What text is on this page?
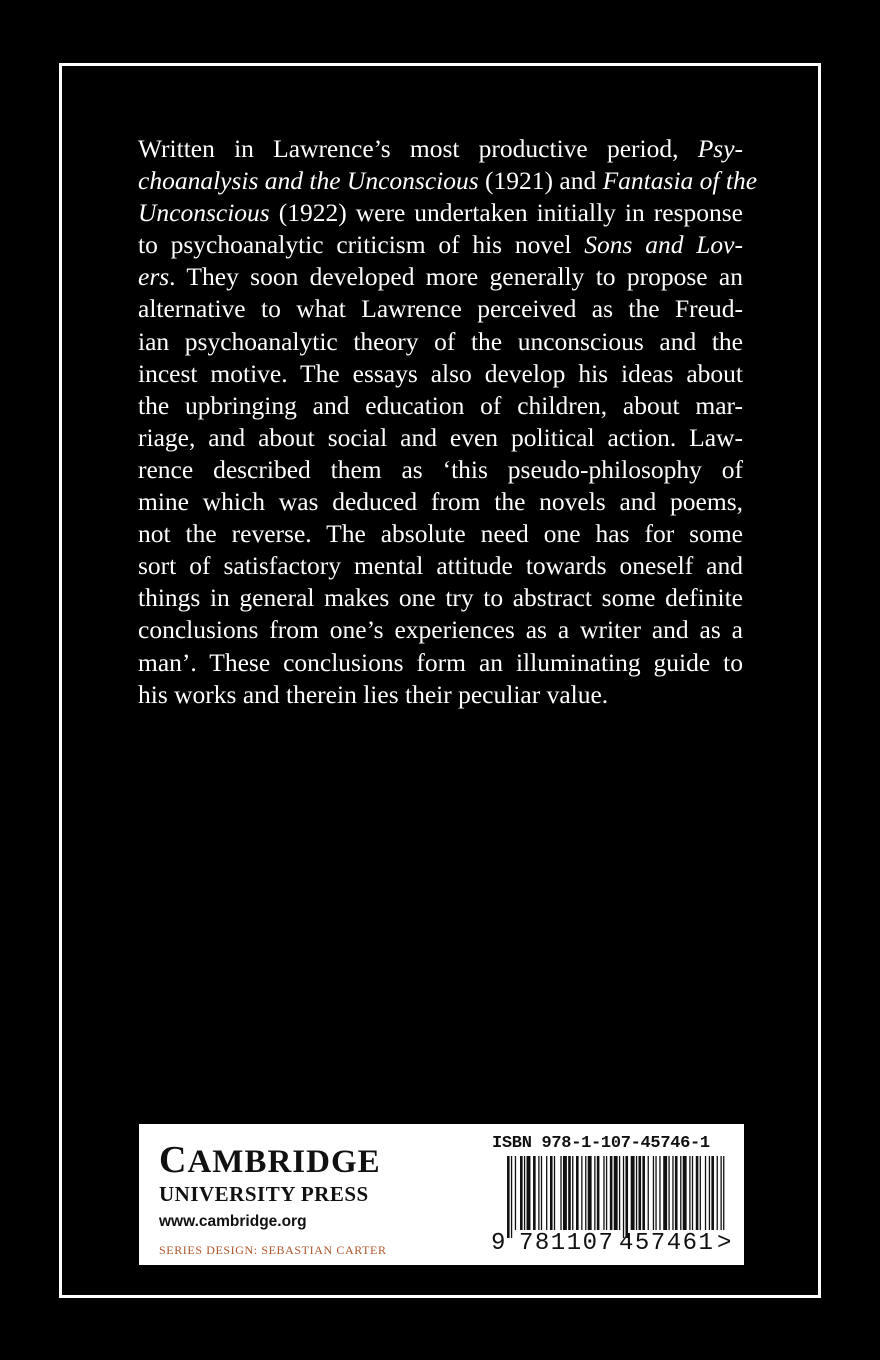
Written in Lawrence’s most productive period, Psy-
choanalysis and the Unconscious (1921) and Fantasia of the
Unconscious (1922) were undertaken initially in response
to psychoanalytic criticism of his novel Sons and Lov-
ers. They soon developed more generally to propose an
alternative to what Lawrence perceived as the Freud-
ian psychoanalytic theory of the unconscious and the
incest motive. The essays also develop his ideas about
the upbringing and education of children, about mar-
riage, and about social and even political action. Law-
rence described them as ‘this pseudo-philosophy of
mine which was deduced from the novels and poems,
not the reverse. The absolute need one has for some
sort of satisfactory mental attitude towards oneself and
things in general makes one try to abstract some definite
conclusions from one’s experiences as a writer and as a
man’. These conclusions form an illuminating guide to
his works and therein lies their peculiar value.
CAMBRIDGE
UNIVERSITY PRESS
www.cambridge.org
SERIES DESIGN: SEBASTIAN CARTER
ISBN 978-1-107-45746-1
9 781107 457461 >
